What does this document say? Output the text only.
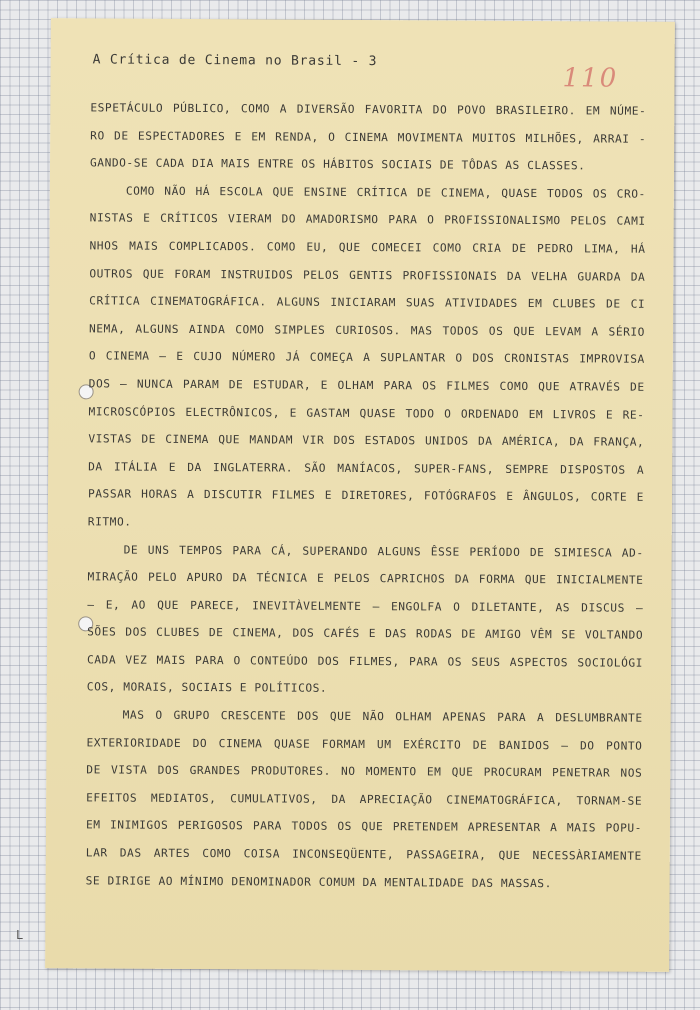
A Crítica de Cinema no Brasil - 3
110
ESPETÁCULO PÚBLICO, COMO A DIVERSÃO FAVORITA DO POVO BRASILEIRO. EM NÚME-
RO DE ESPECTADORES E EM RENDA, O CINEMA MOVIMENTA MUITOS MILHÕES, ARRAI -
GANDO-SE CADA DIA MAIS ENTRE OS HÁBITOS SOCIAIS DE TÔDAS AS CLASSES.
COMO NÃO HÁ ESCOLA QUE ENSINE CRÍTICA DE CINEMA, QUASE TODOS OS CRO-
NISTAS E CRÍTICOS VIERAM DO AMADORISMO PARA O PROFISSIONALISMO PELOS CAMI
NHOS MAIS COMPLICADOS. COMO EU, QUE COMECEI COMO CRIA DE PEDRO LIMA, HÁ
OUTROS QUE FORAM INSTRUIDOS PELOS GENTIS PROFISSIONAIS DA VELHA GUARDA DA
CRÍTICA CINEMATOGRÁFICA. ALGUNS INICIARAM SUAS ATIVIDADES EM CLUBES DE CI
NEMA, ALGUNS AINDA COMO SIMPLES CURIOSOS. MAS TODOS OS QUE LEVAM A SÉRIO
O CINEMA — E CUJO NÚMERO JÁ COMEÇA A SUPLANTAR O DOS CRONISTAS IMPROVISA
DOS — NUNCA PARAM DE ESTUDAR, E OLHAM PARA OS FILMES COMO QUE ATRAVÉS DE
MICROSCÓPIOS ELECTRÔNICOS, E GASTAM QUASE TODO O ORDENADO EM LIVROS E RE-
VISTAS DE CINEMA QUE MANDAM VIR DOS ESTADOS UNIDOS DA AMÉRICA, DA FRANÇA,
DA ITÁLIA E DA INGLATERRA. SÃO MANÍACOS, SUPER-FANS, SEMPRE DISPOSTOS A
PASSAR HORAS A DISCUTIR FILMES E DIRETORES, FOTÓGRAFOS E ÂNGULOS, CORTE E
RITMO.
DE UNS TEMPOS PARA CÁ, SUPERANDO ALGUNS ÊSSE PERÍODO DE SIMIESCA AD-
MIRAÇÃO PELO APURO DA TÉCNICA E PELOS CAPRICHOS DA FORMA QUE INICIALMENTE
— E, AO QUE PARECE, INEVITÀVELMENTE — ENGOLFA O DILETANTE, AS DISCUS —
SÕES DOS CLUBES DE CINEMA, DOS CAFÉS E DAS RODAS DE AMIGO VÊM SE VOLTANDO
CADA VEZ MAIS PARA O CONTEÚDO DOS FILMES, PARA OS SEUS ASPECTOS SOCIOLÓGI
COS, MORAIS, SOCIAIS E POLÍTICOS.
MAS O GRUPO CRESCENTE DOS QUE NÃO OLHAM APENAS PARA A DESLUMBRANTE
EXTERIORIDADE DO CINEMA QUASE FORMAM UM EXÉRCITO DE BANIDOS — DO PONTO
DE VISTA DOS GRANDES PRODUTORES. NO MOMENTO EM QUE PROCURAM PENETRAR NOS
EFEITOS MEDIATOS, CUMULATIVOS, DA APRECIAÇÃO CINEMATOGRÁFICA, TORNAM-SE
EM INIMIGOS PERIGOSOS PARA TODOS OS QUE PRETENDEM APRESENTAR A MAIS POPU-
LAR DAS ARTES COMO COISA INCONSEQÜENTE, PASSAGEIRA, QUE NECESSÀRIAMENTE
SE DIRIGE AO MÍNIMO DENOMINADOR COMUM DA MENTALIDADE DAS MASSAS.
L
